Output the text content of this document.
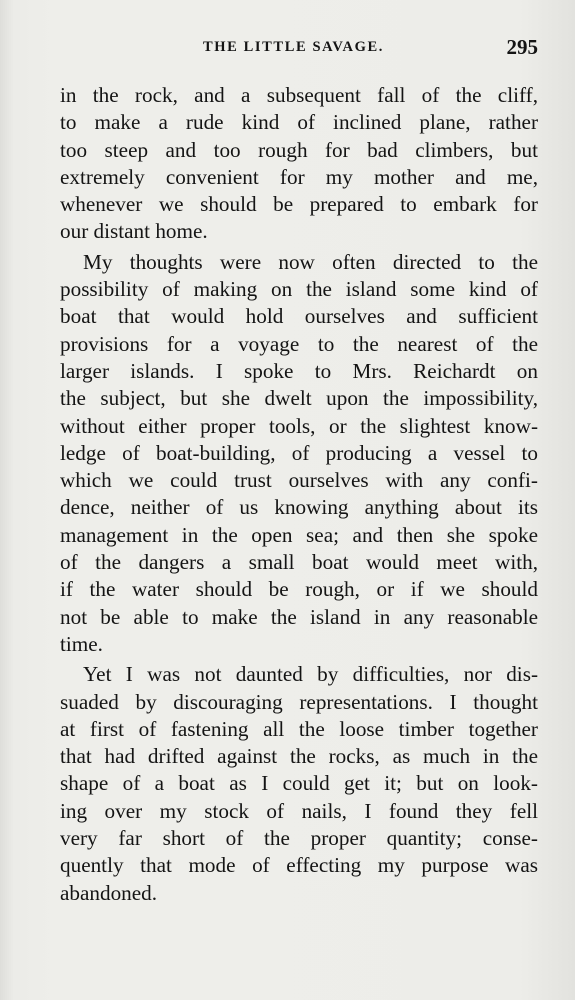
THE LITTLE SAVAGE.	295
in the rock, and a subsequent fall of the cliff,
to make a rude kind of inclined plane, rather
too steep and too rough for bad climbers, but
extremely convenient for my mother and me,
whenever we should be prepared to embark for
our distant home.
My thoughts were now often directed to the
possibility of making on the island some kind of
boat that would hold ourselves and sufficient
provisions for a voyage to the nearest of the
larger islands. I spoke to Mrs. Reichardt on
the subject, but she dwelt upon the impossibility,
without either proper tools, or the slightest know-
ledge of boat-building, of producing a vessel to
which we could trust ourselves with any confi-
dence, neither of us knowing anything about its
management in the open sea; and then she spoke
of the dangers a small boat would meet with,
if the water should be rough, or if we should
not be able to make the island in any reasonable
time.
Yet I was not daunted by difficulties, nor dis-
suaded by discouraging representations. I thought
at first of fastening all the loose timber together
that had drifted against the rocks, as much in the
shape of a boat as I could get it; but on look-
ing over my stock of nails, I found they fell
very far short of the proper quantity; conse-
quently that mode of effecting my purpose was
abandoned.
